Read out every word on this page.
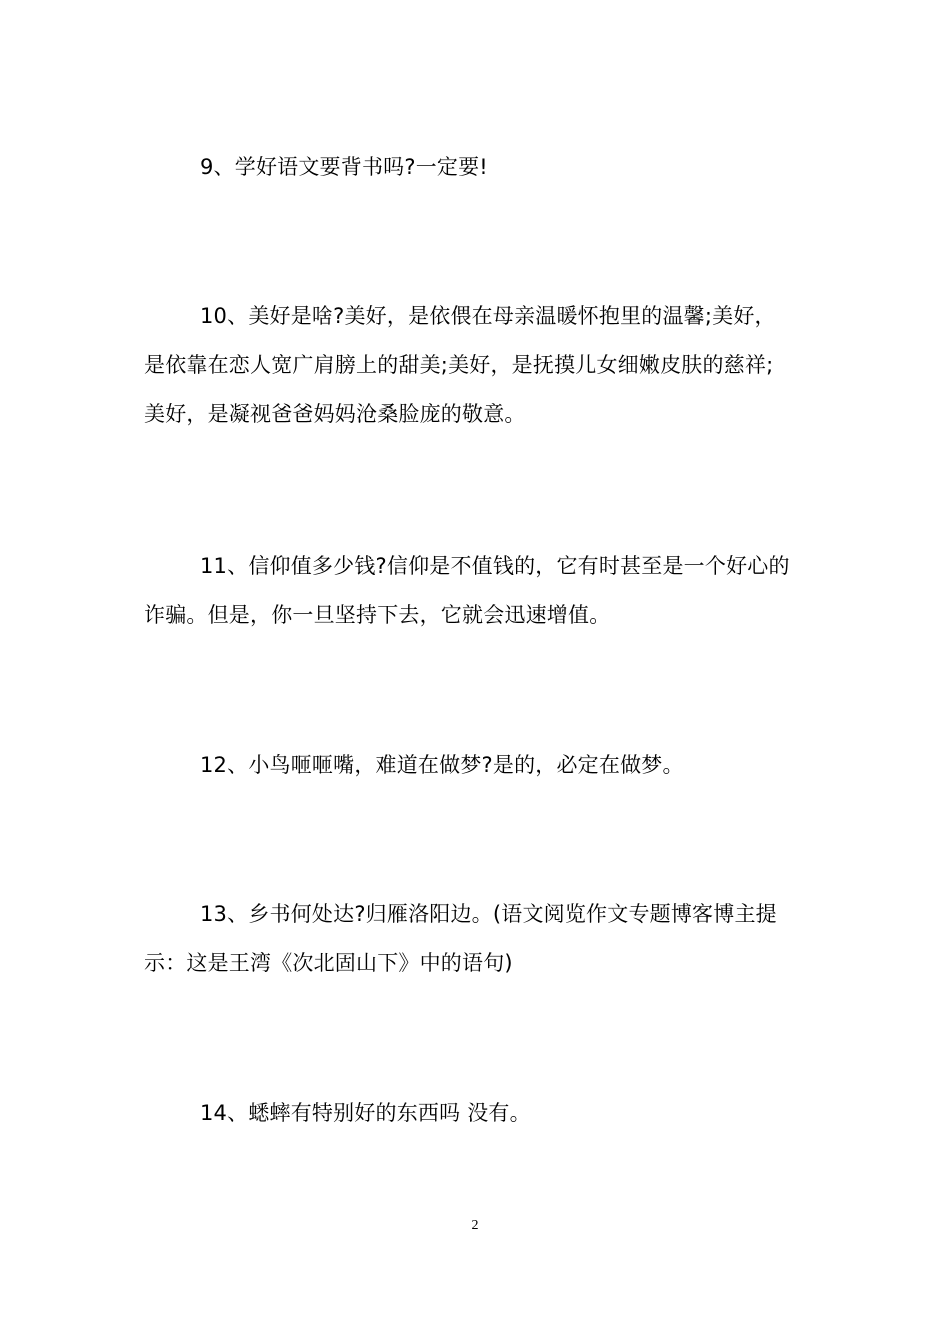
9、学好语文要背书吗?一定要!

10、美好是啥?美好，是依偎在母亲温暖怀抱里的温馨;美好，
是依靠在恋人宽广肩膀上的甜美;美好，是抚摸儿女细嫩皮肤的慈祥;
美好，是凝视爸爸妈妈沧桑脸庞的敬意。

11、信仰值多少钱?信仰是不值钱的，它有时甚至是一个好心的
诈骗。但是，你一旦坚持下去，它就会迅速增值。

12、小鸟咂咂嘴，难道在做梦?是的，必定在做梦。

13、乡书何处达?归雁洛阳边。(语文阅览作文专题博客博主提
示：这是王湾《次北固山下》中的语句)

14、蟋蟀有特别好的东西吗 没有。

2
